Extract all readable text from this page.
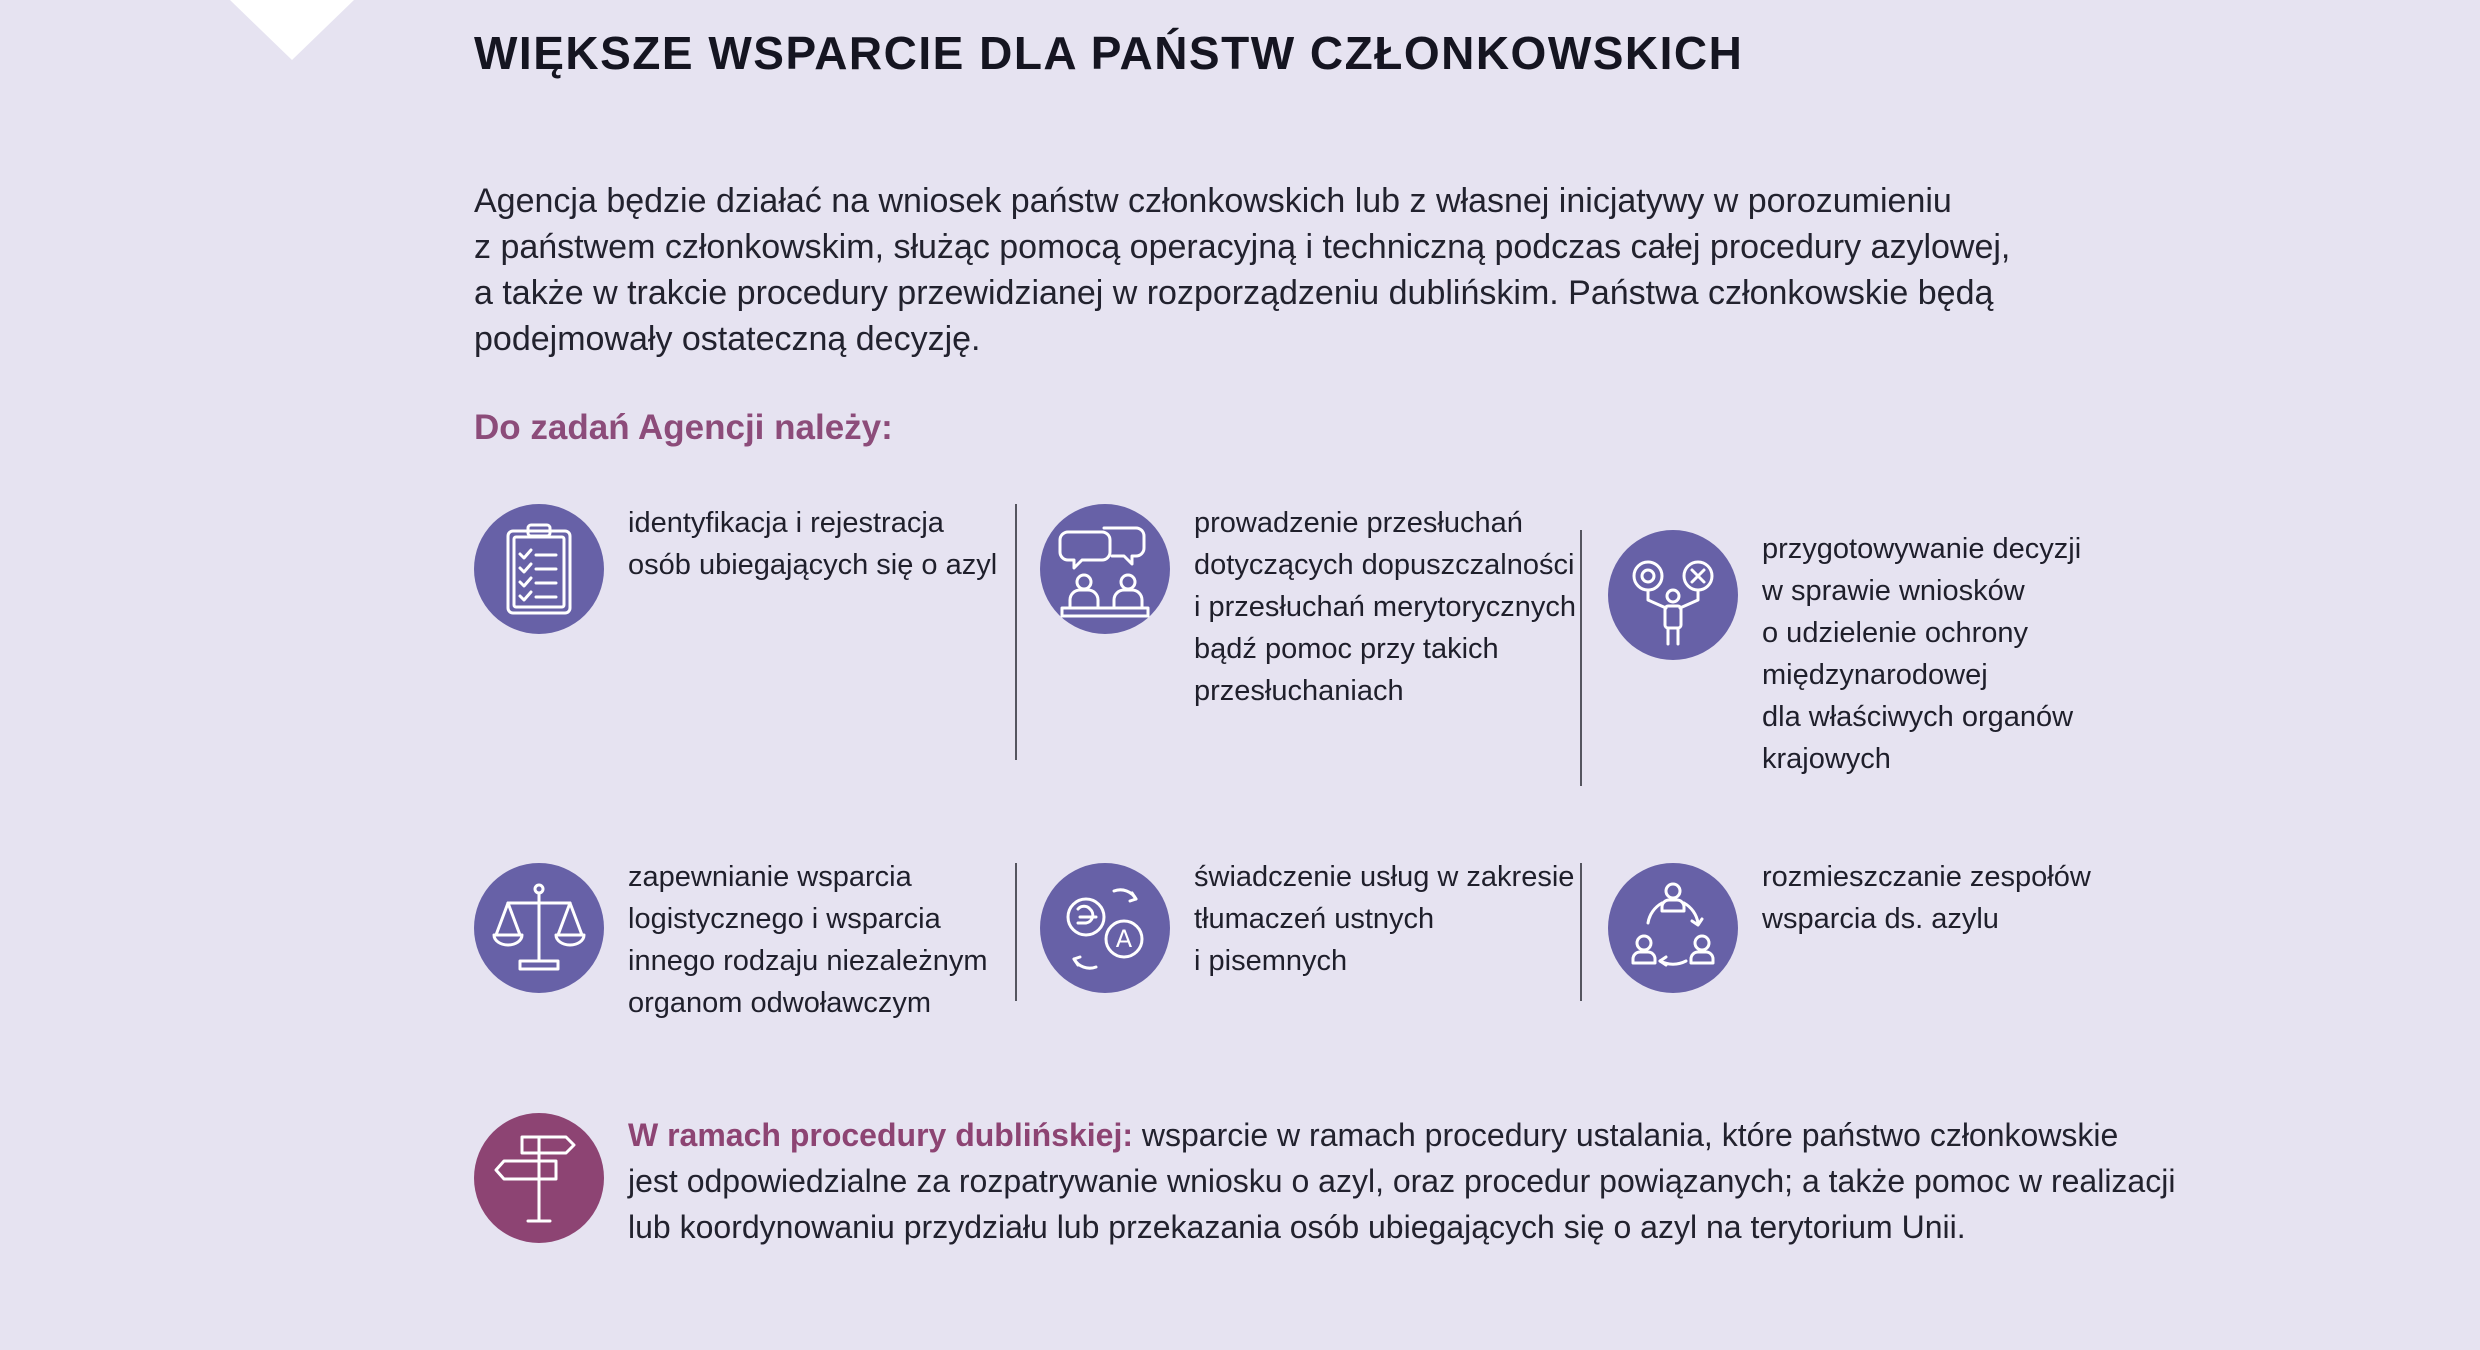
WIĘKSZE WSPARCIE DLA PAŃSTW CZŁONKOWSKICH
Agencja będzie działać na wniosek państw członkowskich lub z własnej inicjatywy w porozumieniu
z państwem członkowskim, służąc pomocą operacyjną i techniczną podczas całej procedury azylowej,
a także w trakcie procedury przewidzianej w rozporządzeniu dublińskim. Państwa członkowskie będą
podejmowały ostateczną decyzję.
Do zadań Agencji należy:
identyfikacja i rejestracja
osób ubiegających się o azyl
prowadzenie przesłuchań
dotyczących dopuszczalności
i przesłuchań merytorycznych
bądź pomoc przy takich
przesłuchaniach
przygotowywanie decyzji
w sprawie wniosków
o udzielenie ochrony
międzynarodowej
dla właściwych organów
krajowych
zapewnianie wsparcia
logistycznego i wsparcia
innego rodzaju niezależnym
organom odwoławczym
A
świadczenie usług w zakresie
tłumaczeń ustnych
i pisemnych
rozmieszczanie zespołów
wsparcia ds. azylu
W ramach procedury dublińskiej: wsparcie w ramach procedury ustalania, które państwo członkowskie
jest odpowiedzialne za rozpatrywanie wniosku o azyl, oraz procedur powiązanych; a także pomoc w realizacji
lub koordynowaniu przydziału lub przekazania osób ubiegających się o azyl na terytorium Unii.
